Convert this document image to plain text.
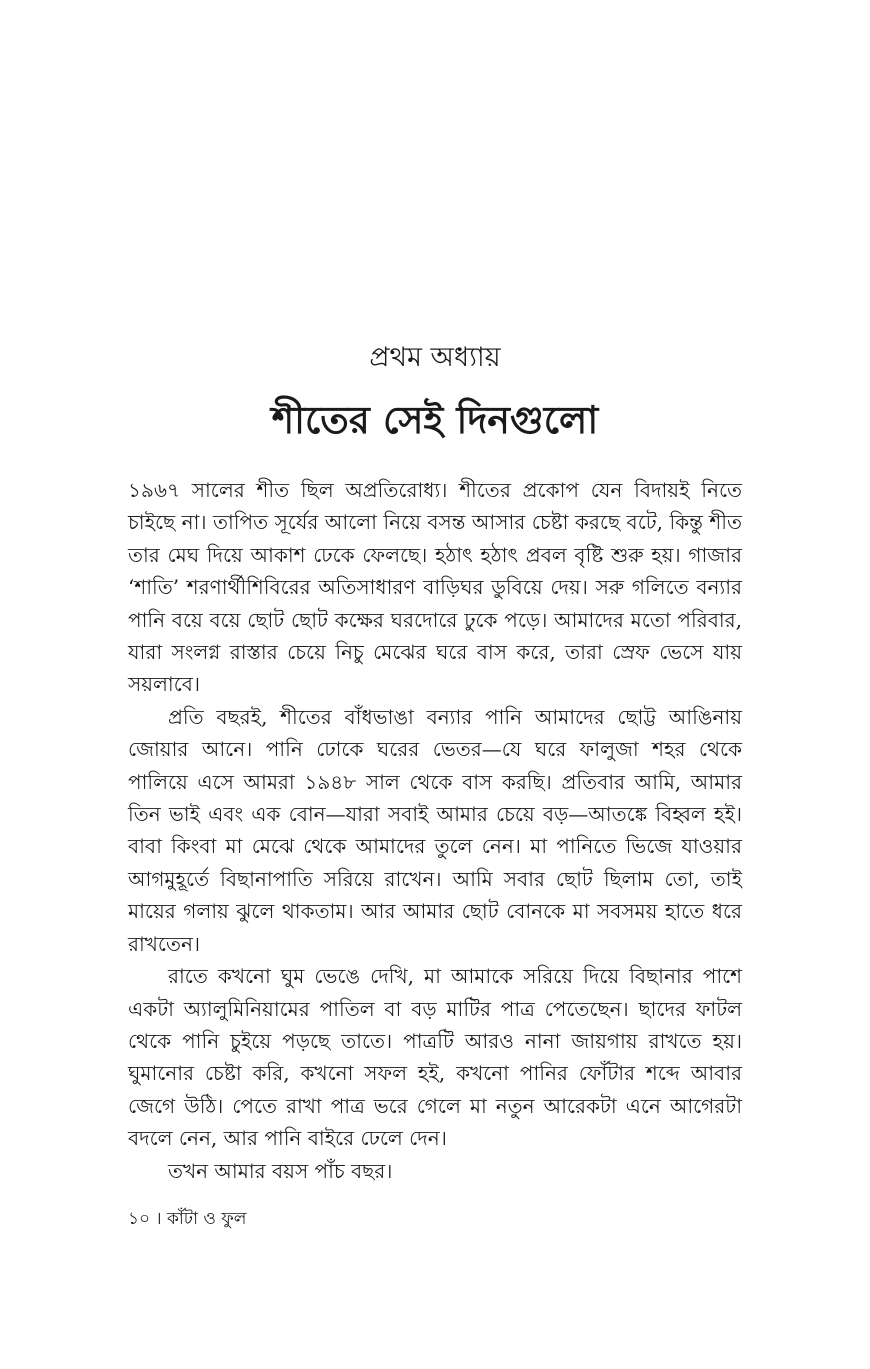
প্রথম অধ্যায়
শীতের সেই দিনগুলো

১৯৬৭ সালের শীত ছিল অপ্রতিরোধ্য। শীতের প্রকোপ যেন বিদায়ই নিতে চাইছে না। তাপিত সূর্যের আলো নিয়ে বসন্ত আসার চেষ্টা করছে বটে, কিন্তু শীত তার মেঘ দিয়ে আকাশ ঢেকে ফেলছে। হঠাৎ হঠাৎ প্রবল বৃষ্টি শুরু হয়। গাজার ‘শাতি’ শরণার্থীশিবিরের অতিসাধারণ বাড়িঘর ডুবিয়ে দেয়। সরু গলিতে বন্যার পানি বয়ে বয়ে ছোট ছোট কক্ষের ঘরদোরে ঢুকে পড়ে। আমাদের মতো পরিবার, যারা সংলগ্ন রাস্তার চেয়ে নিচু মেঝের ঘরে বাস করে, তারা স্রেফ ভেসে যায় সয়লাবে।

প্রতি বছরই, শীতের বাঁধভাঙা বন্যার পানি আমাদের ছোট্ট আঙিনায় জোয়ার আনে। পানি ঢোকে ঘরের ভেতর—যে ঘরে ফালুজা শহর থেকে পালিয়ে এসে আমরা ১৯৪৮ সাল থেকে বাস করছি। প্রতিবার আমি, আমার তিন ভাই এবং এক বোন—যারা সবাই আমার চেয়ে বড়—আতঙ্কে বিহ্বল হই। বাবা কিংবা মা মেঝে থেকে আমাদের তুলে নেন। মা পানিতে ভিজে যাওয়ার আগমুহূর্তে বিছানাপাতি সরিয়ে রাখেন। আমি সবার ছোট ছিলাম তো, তাই মায়ের গলায় ঝুলে থাকতাম। আর আমার ছোট বোনকে মা সবসময় হাতে ধরে রাখতেন।

রাতে কখনো ঘুম ভেঙে দেখি, মা আমাকে সরিয়ে দিয়ে বিছানার পাশে একটা অ্যালুমিনিয়ামের পাতিল বা বড় মাটির পাত্র পেতেছেন। ছাদের ফাটল থেকে পানি চুইয়ে পড়ছে তাতে। পাত্রটি আরও নানা জায়গায় রাখতে হয়। ঘুমানোর চেষ্টা করি, কখনো সফল হই, কখনো পানির ফোঁটার শব্দে আবার জেগে উঠি। পেতে রাখা পাত্র ভরে গেলে মা নতুন আরেকটা এনে আগেরটা বদলে নেন, আর পানি বাইরে ঢেলে দেন।

তখন আমার বয়স পাঁচ বছর।

১০ । কাঁটা ও ফুল
